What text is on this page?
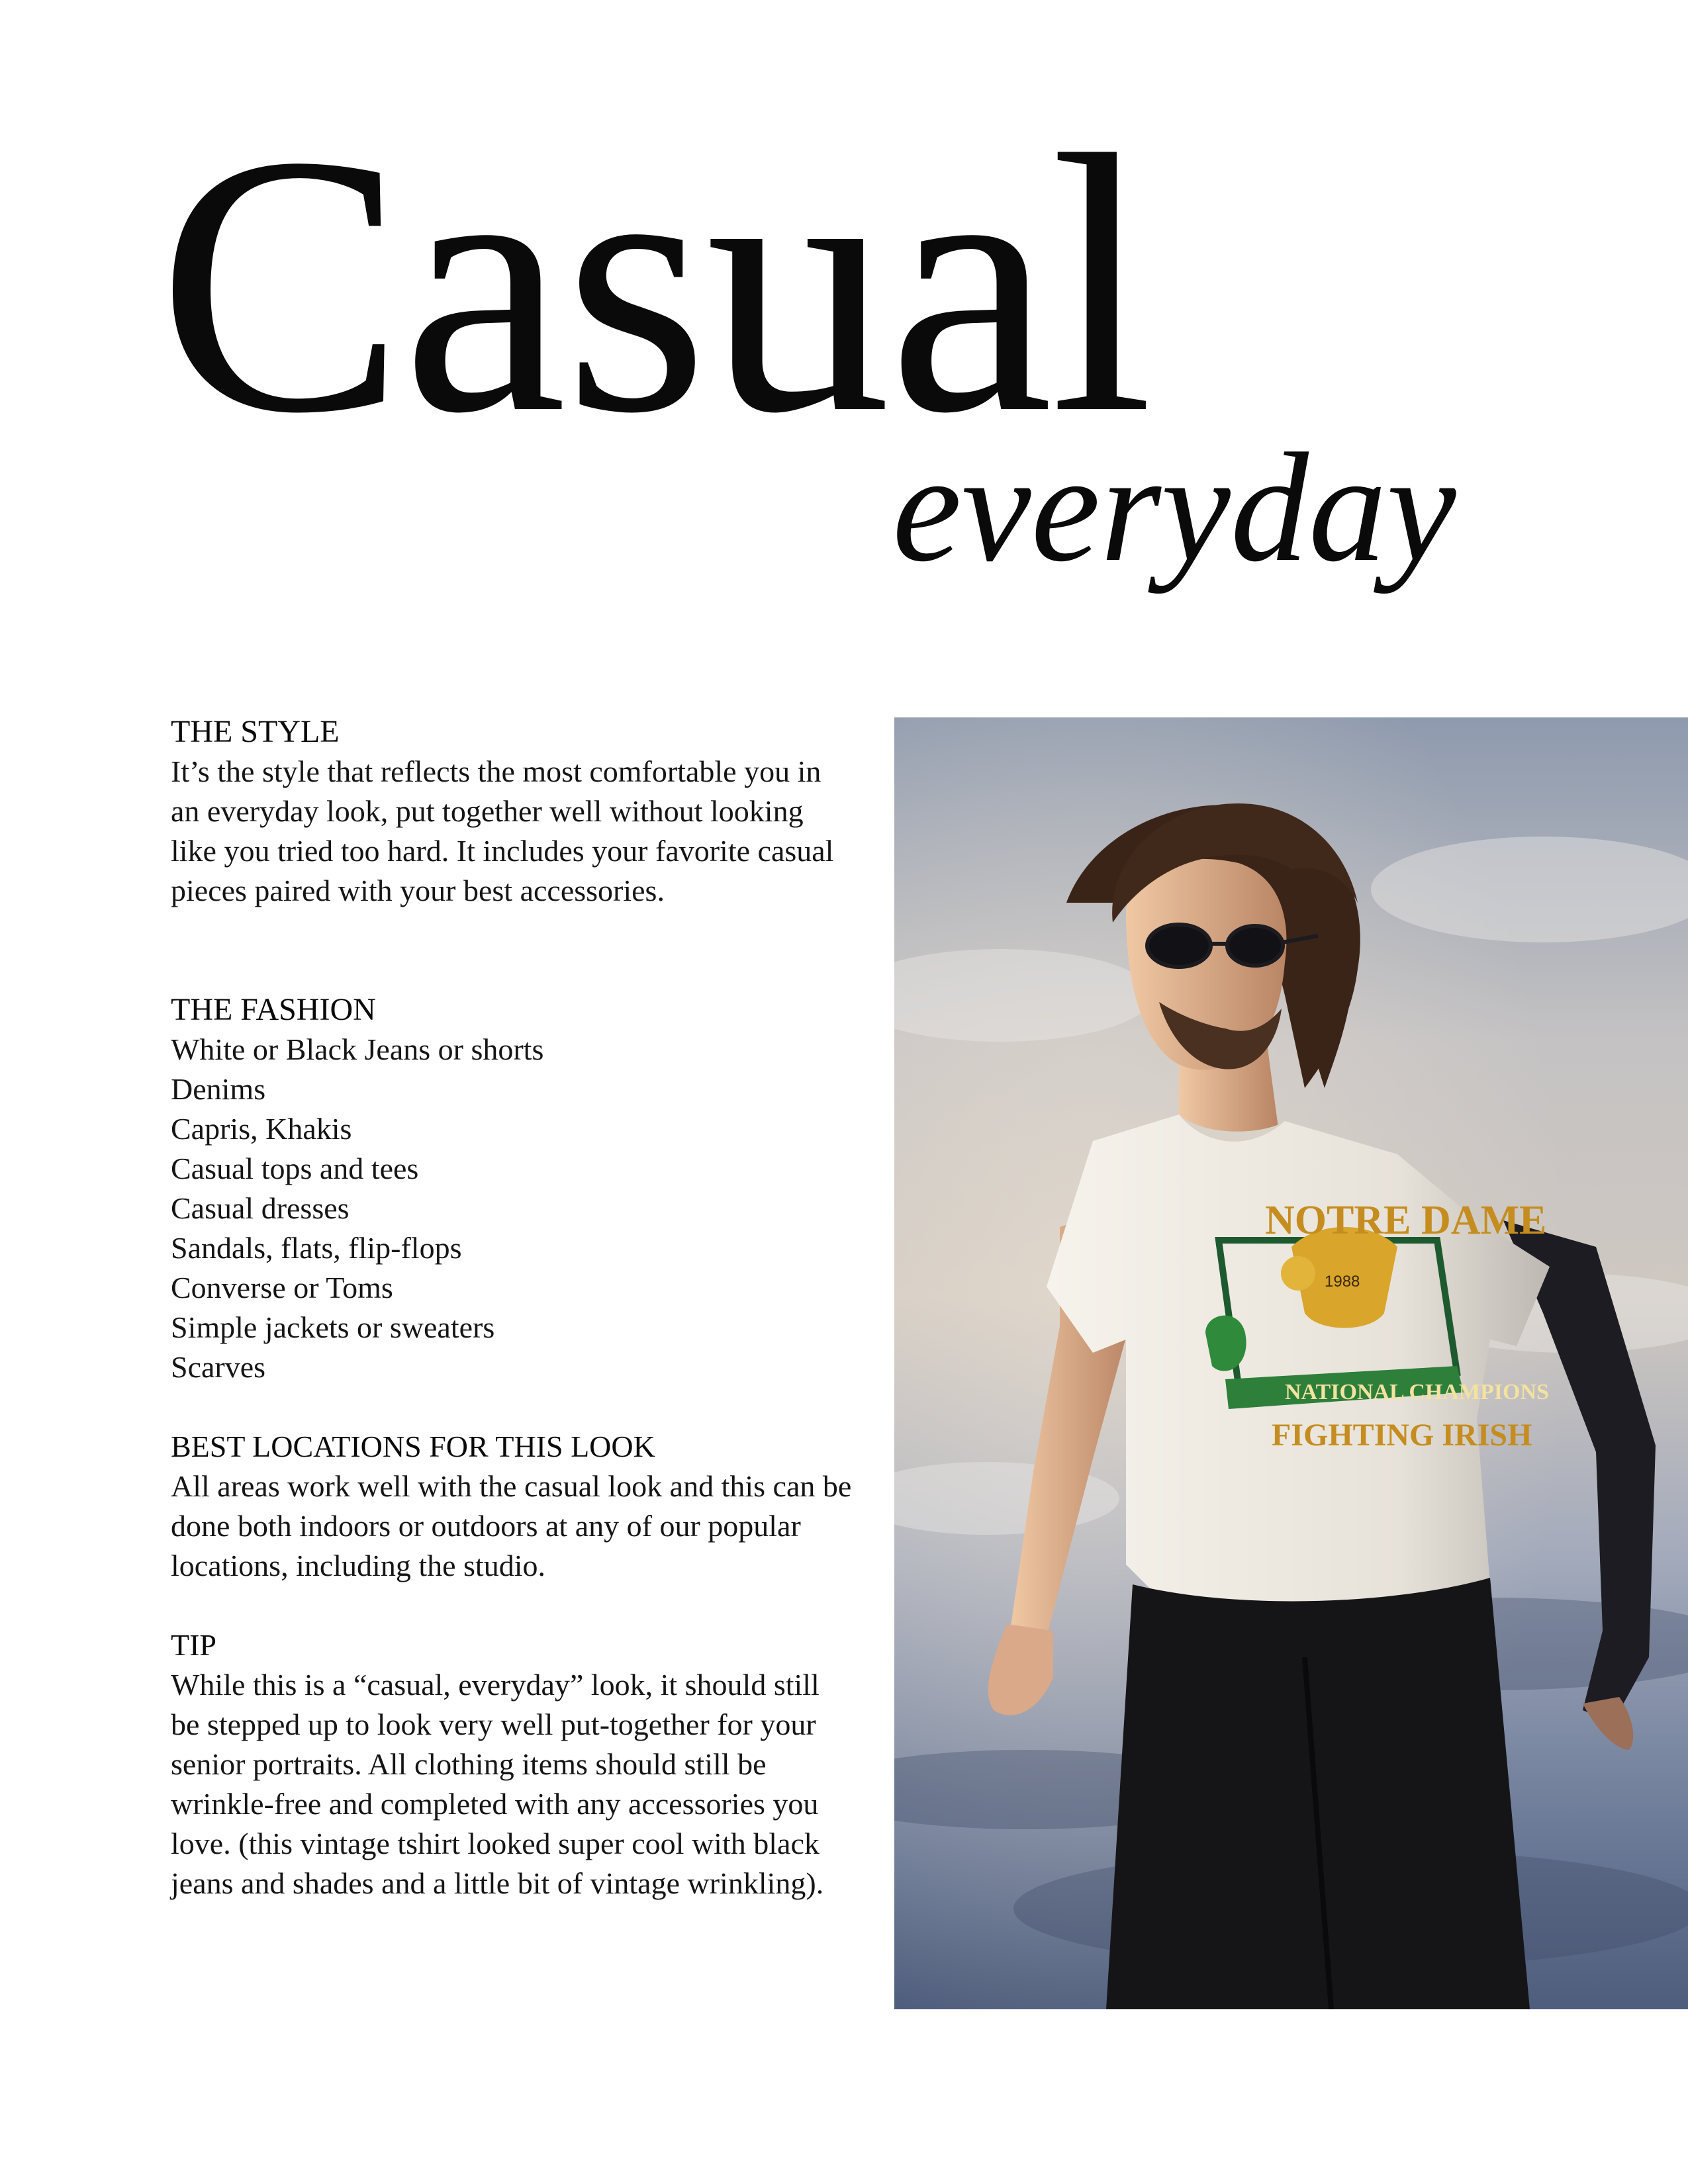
Casual
everyday
THE STYLE

It’s the style that reflects the most comfortable you in an everyday look, put together well without looking like you tried too hard. It includes your favorite casual pieces paired with your best accessories.

THE FASHION
White or Black Jeans or shorts
Denims
Capris, Khakis
Casual tops and tees
Casual dresses
Sandals, flats, flip-flops
Converse or Toms
Simple jackets or sweaters
Scarves
BEST LOCATIONS FOR THIS LOOK

All areas work well with the casual look and this can be done both indoors or outdoors at any of our popular locations, including the studio.

TIP

While this is a “casual, everyday” look, it should still be stepped up to look very well put-together for your senior portraits. All clothing items should still be wrinkle-free and completed with any accessories you love. (this vintage tshirt looked super cool with black jeans and shades and a little bit of vintage wrinkling).

NATIONAL CHAMPIONS
NOTRE DAME
1988
FIGHTING IRISH
